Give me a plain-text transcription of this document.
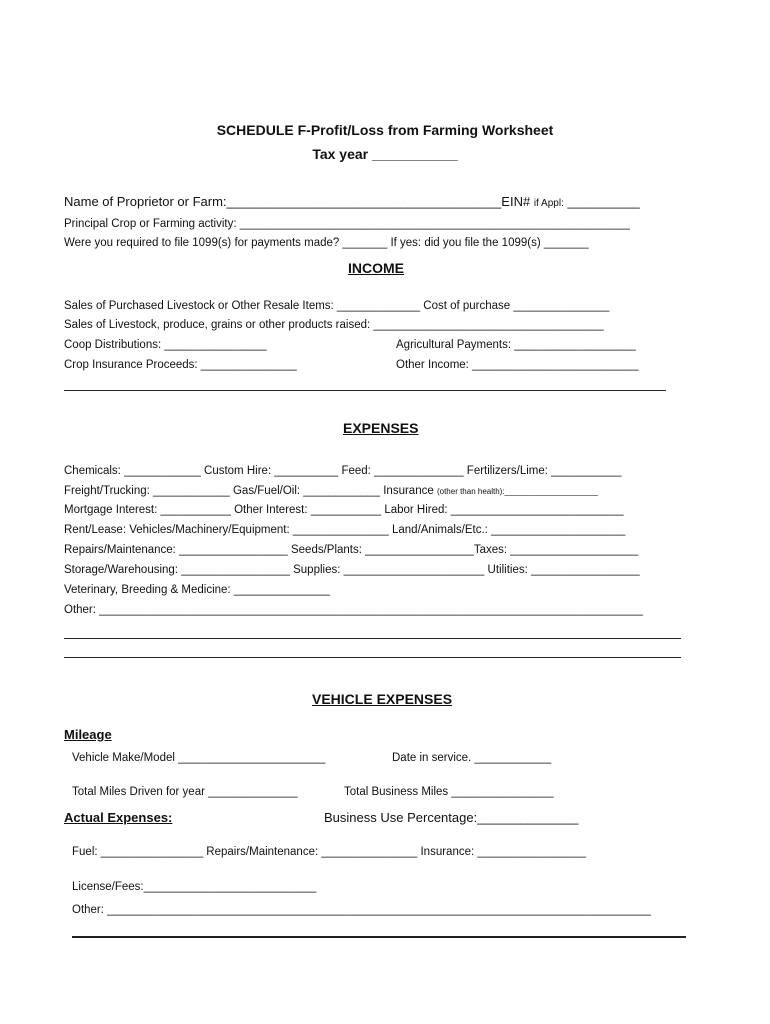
SCHEDULE F-Profit/Loss from Farming Worksheet
Tax year ___________
Name of Proprietor or Farm:______________________________________EIN# if Appl: __________
Principal Crop or Farming activity: _____________________________________________________________
Were you required to file 1099(s) for payments made? _______ If yes: did you file the 1099(s) _______
INCOME
Sales of Purchased Livestock or Other Resale Items: _____________ Cost of purchase _______________
Sales of Livestock, produce, grains or other products raised: ____________________________________
Coop Distributions: ________________	Agricultural Payments: ___________________
Crop Insurance Proceeds: _______________	Other Income: __________________________
EXPENSES
Chemicals: ____________ Custom Hire: __________ Feed: ______________ Fertilizers/Lime: ___________
Freight/Trucking: ____________ Gas/Fuel/Oil: ____________ Insurance (other than health):_____________________
Mortgage Interest: ___________ Other Interest: ___________ Labor Hired: ___________________________
Rent/Lease: Vehicles/Machinery/Equipment: _______________ Land/Animals/Etc.: _____________________
Repairs/Maintenance: _________________ Seeds/Plants: _________________Taxes: ____________________
Storage/Warehousing: _________________ Supplies: ______________________ Utilities: _________________
Veterinary, Breeding & Medicine: _______________
Other: _____________________________________________________________________________________
VEHICLE EXPENSES
Mileage
Vehicle Make/Model _______________________	Date in service. ____________
Total Miles Driven for year ______________	Total Business Miles ________________
Actual Expenses:	Business Use Percentage:______________
Fuel: ________________ Repairs/Maintenance: _______________ Insurance: _________________
License/Fees:___________________________
Other: _____________________________________________________________________________________
